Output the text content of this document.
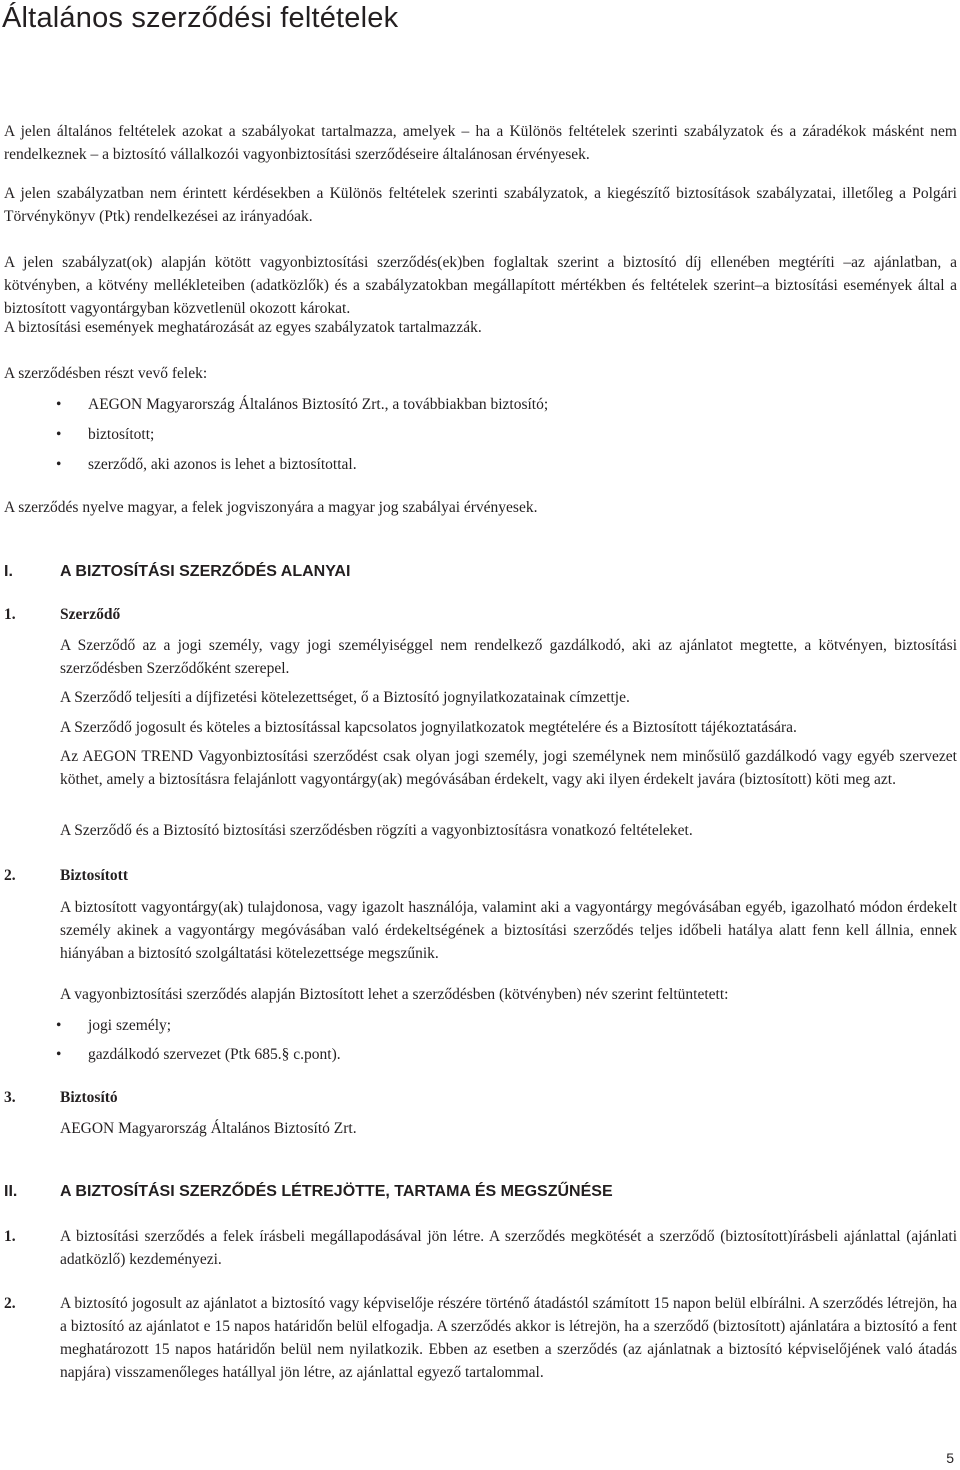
Általános szerződési feltételek

A jelen általános feltételek azokat a szabályokat tartalmazza, amelyek – ha a Különös feltételek szerinti szabályzatok és a záradékok másként nem rendelkeznek – a biztosító vállalkozói vagyonbiztosítási szerződéseire általánosan érvényesek.

A jelen szabályzatban nem érintett kérdésekben a Különös feltételek szerinti szabályzatok, a kiegészítő biztosítások szabályzatai, illetőleg a Polgári Törvénykönyv (Ptk) rendelkezései az irányadóak.

A jelen szabályzat(ok) alapján kötött vagyonbiztosítási szerződés(ek)ben foglaltak szerint a biztosító díj ellenében megtéríti –az ajánlatban, a kötvényben, a kötvény mellékleteiben (adatközlők) és a szabályzatokban megállapított mértékben és feltételek szerint–a biztosítási események által a biztosított vagyontárgyban közvetlenül okozott károkat.

A biztosítási események meghatározását az egyes szabályzatok tartalmazzák.

A szerződésben részt vevő felek:

• AEGON Magyarország Általános Biztosító Zrt., a továbbiakban biztosító;
• biztosított;
• szerződő, aki azonos is lehet a biztosítottal.

A szerződés nyelve magyar, a felek jogviszonyára a magyar jog szabályai érvényesek.

I.	A BIZTOSÍTÁSI SZERZŐDÉS ALANYAI
1.	Szerződő

A Szerződő az a jogi személy, vagy jogi személyiséggel nem rendelkező gazdálkodó, aki az ajánlatot megtette, a kötvényen, biztosítási szerződésben Szerződőként szerepel.

A Szerződő teljesíti a díjfizetési kötelezettséget, ő a Biztosító jognyilatkozatainak címzettje.

A Szerződő jogosult és köteles a biztosítással kapcsolatos jognyilatkozatok megtételére és a Biztosított tájékoztatására.

Az AEGON TREND Vagyonbiztosítási szerződést csak olyan jogi személy, jogi személynek nem minősülő gazdálkodó vagy egyéb szervezet köthet, amely a biztosításra felajánlott vagyontárgy(ak) megóvásában érdekelt, vagy aki ilyen érdekelt javára (biztosított) köti meg azt.

A Szerződő és a Biztosító biztosítási szerződésben rögzíti a vagyonbiztosításra vonatkozó feltételeket.

2.	Biztosított

A biztosított vagyontárgy(ak) tulajdonosa, vagy igazolt használója, valamint aki a vagyontárgy megóvásában egyéb, igazolható módon érdekelt személy akinek a vagyontárgy megóvásában való érdekeltségének a biztosítási szerződés teljes időbeli hatálya alatt fenn kell állnia, ennek hiányában a biztosító szolgáltatási kötelezettsége megszűnik.

A vagyonbiztosítási szerződés alapján Biztosított lehet a szerződésben (kötvényben) név szerint feltüntetett:

• jogi személy;
• gazdálkodó szervezet (Ptk 685.§ c.pont).
3.	Biztosító

AEGON Magyarország Általános Biztosító Zrt.

II.	A BIZTOSÍTÁSI SZERZŐDÉS LÉTREJÖTTE, TARTAMA ÉS MEGSZŰNÉSE
1.	A biztosítási szerződés a felek írásbeli megállapodásával jön létre. A szerződés megkötését a szerződő (biztosított)írásbeli ajánlattal (ajánlati adatközlő) kezdeményezi.
2.	A biztosító jogosult az ajánlatot a biztosító vagy képviselője részére történő átadástól számított 15 napon belül elbírálni. A szerződés létrejön, ha a biztosító az ajánlatot e 15 napos határidőn belül elfogadja. A szerződés akkor is létrejön, ha a szerződő (biztosított) ajánlatára a biztosító a fent meghatározott 15 napos határidőn belül nem nyilatkozik. Ebben az esetben a szerződés (az ajánlatnak a biztosító képviselőjének való átadás napjára) visszamenőleges hatállyal jön létre, az ajánlattal egyező tartalommal.
5
